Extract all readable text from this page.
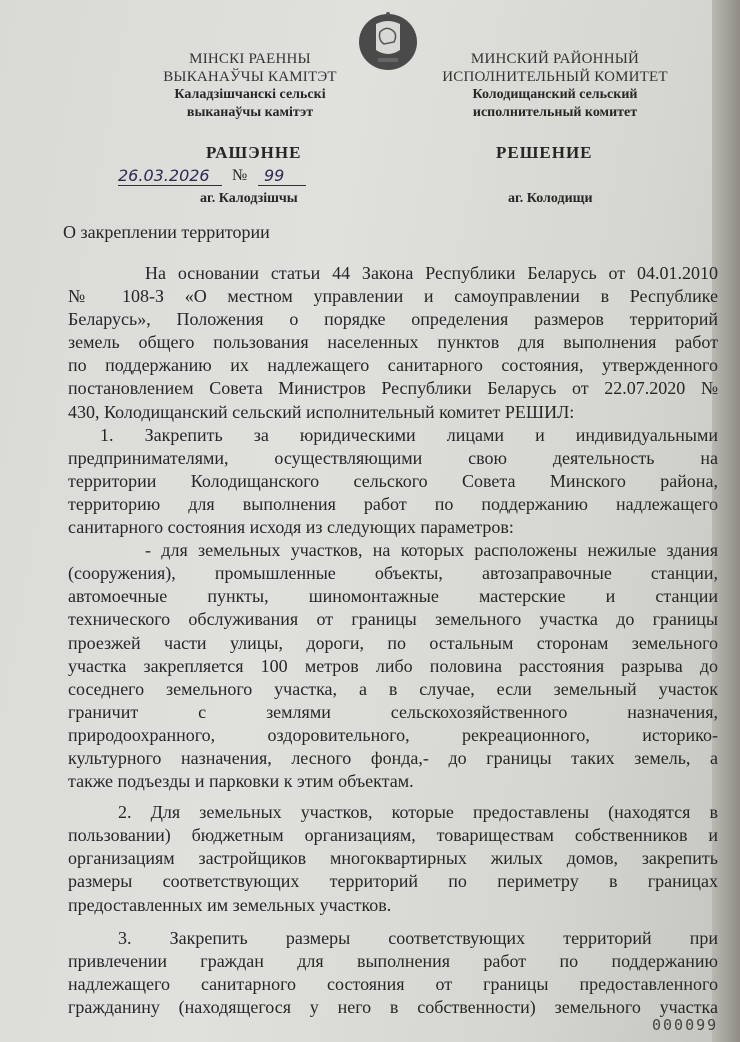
МІНСКІ РАЕННЫ
ВЫКАНАЎЧЫ КАМІТЭТ
Каладзішчанскі сельскі
выканаўчы камітэт
МИНСКИЙ РАЙОННЫЙ
ИСПОЛНИТЕЛЬНЫЙ КОМИТЕТ
Колодищанский сельский
исполнительный комитет
РАШЭННЕ	РЕШЕНИЕ
26.03.2026	№	99
аг. Калодзішчы	аг. Колодищи
О закреплении территории
На основании статьи 44 Закона Республики Беларусь от 04.01.2010
№ 108-З «О местном управлении и самоуправлении в Республике
Беларусь», Положения о порядке определения размеров территорий
земель общего пользования населенных пунктов для выполнения работ
по поддержанию их надлежащего санитарного состояния, утвержденного
постановлением Совета Министров Республики Беларусь от 22.07.2020 №
430, Колодищанский сельский исполнительный комитет РЕШИЛ:
1. Закрепить за юридическими лицами и индивидуальными
предпринимателями, осуществляющими свою деятельность на
территории Колодищанского сельского Совета Минского района,
территорию для выполнения работ по поддержанию надлежащего
санитарного состояния исходя из следующих параметров:
- для земельных участков, на которых расположены нежилые здания
(сооружения), промышленные объекты, автозаправочные станции,
автомоечные пункты, шиномонтажные мастерские и станции
технического обслуживания от границы земельного участка до границы
проезжей части улицы, дороги, по остальным сторонам земельного
участка закрепляется 100 метров либо половина расстояния разрыва до
соседнего земельного участка, а в случае, если земельный участок
граничит с землями сельскохозяйственного назначения,
природоохранного, оздоровительного, рекреационного, историко-
культурного назначения, лесного фонда,- до границы таких земель, а
также подъезды и парковки к этим объектам.
2. Для земельных участков, которые предоставлены (находятся в
пользовании) бюджетным организациям, товариществам собственников и
организациям застройщиков многоквартирных жилых домов, закрепить
размеры соответствующих территорий по периметру в границах
предоставленных им земельных участков.
3. Закрепить размеры соответствующих территорий при
привлечении граждан для выполнения работ по поддержанию
надлежащего санитарного состояния от границы предоставленного
гражданину (находящегося у него в собственности) земельного участка
000099
